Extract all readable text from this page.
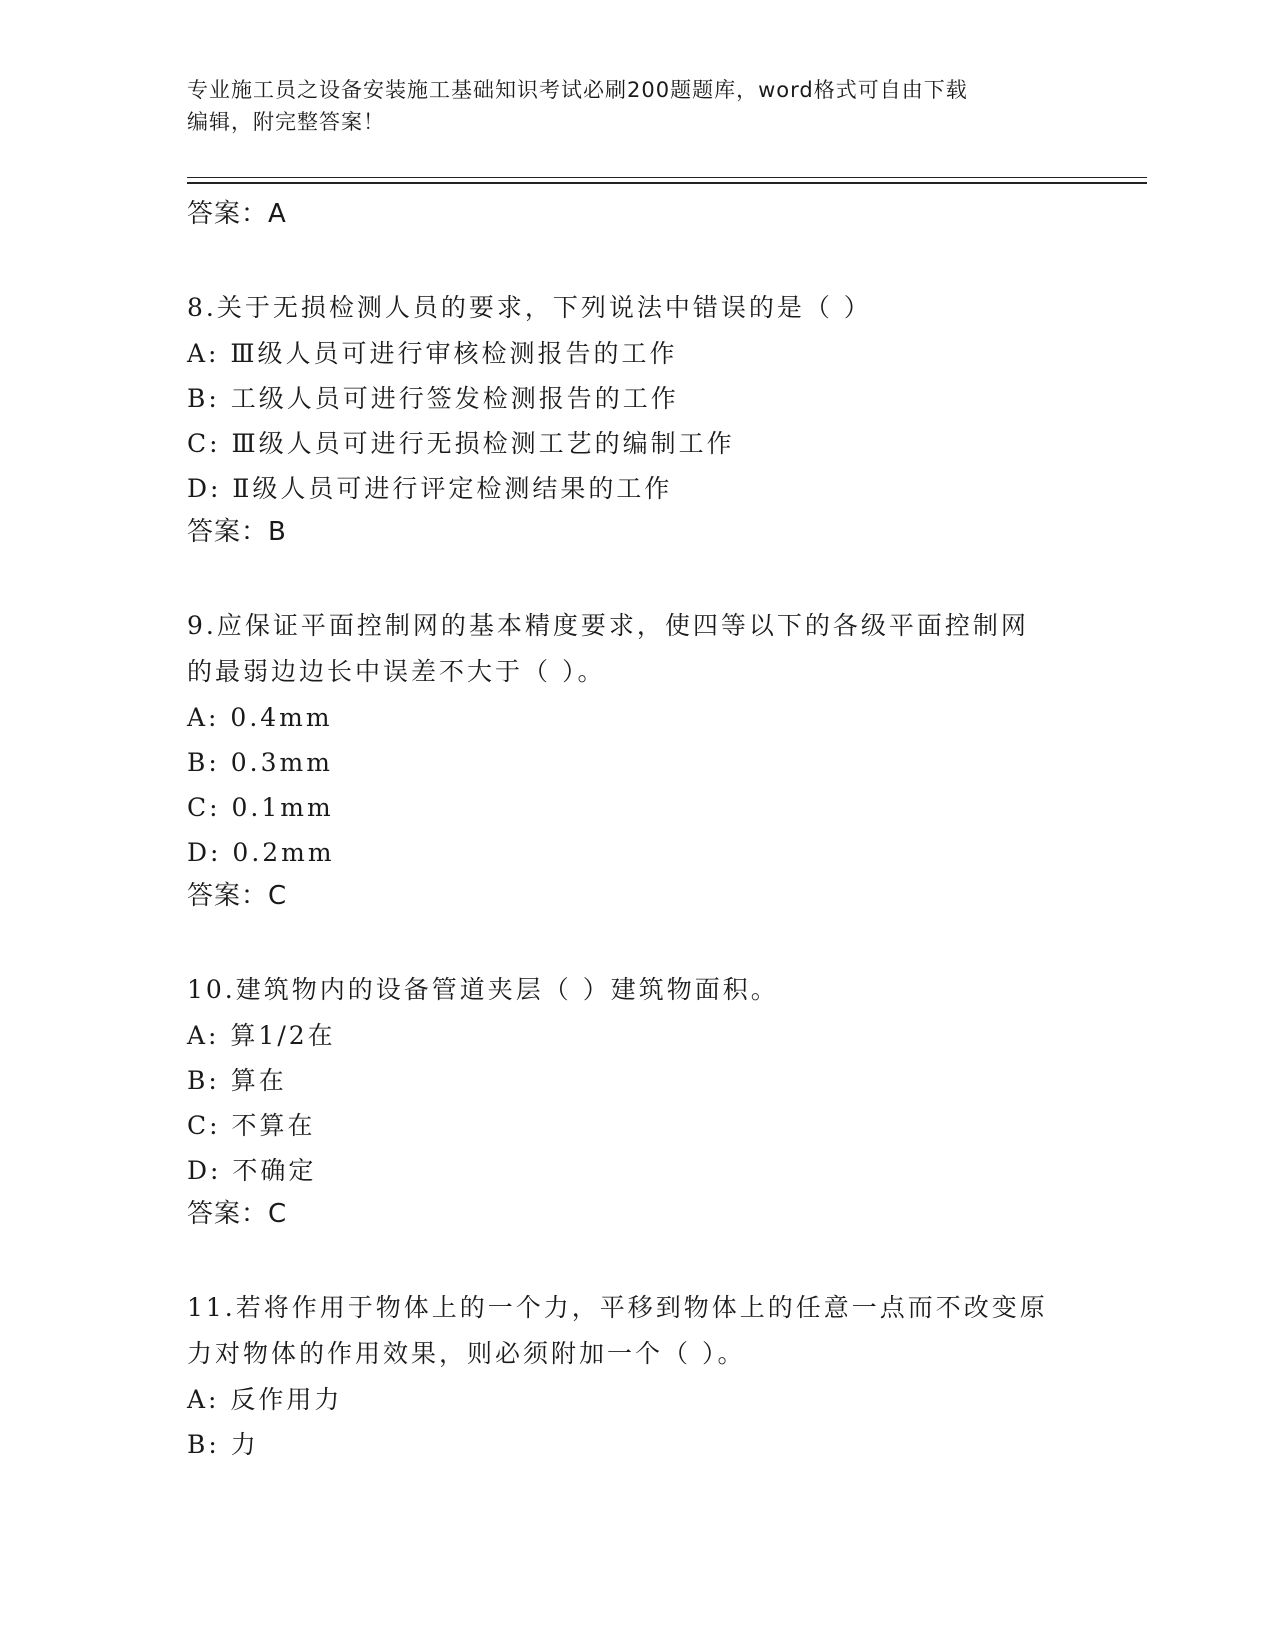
专业施工员之设备安装施工基础知识考试必刷200题题库，word格式可自由下载
编辑，附完整答案！
答案：A
8.关于无损检测人员的要求，下列说法中错误的是（ ）
A: Ⅲ级人员可进行审核检测报告的工作
B: 工级人员可进行签发检测报告的工作
C: Ⅲ级人员可进行无损检测工艺的编制工作
D: Ⅱ级人员可进行评定检测结果的工作
答案：B
9.应保证平面控制网的基本精度要求，使四等以下的各级平面控制网
的最弱边边长中误差不大于（ ）。
A: 0.4mm
B: 0.3mm
C: 0.1mm
D: 0.2mm
答案：C
10.建筑物内的设备管道夹层（ ）建筑物面积。
A: 算1/2在
B: 算在
C: 不算在
D: 不确定
答案：C
11.若将作用于物体上的一个力，平移到物体上的任意一点而不改变原
力对物体的作用效果，则必须附加一个（ ）。
A: 反作用力
B: 力
